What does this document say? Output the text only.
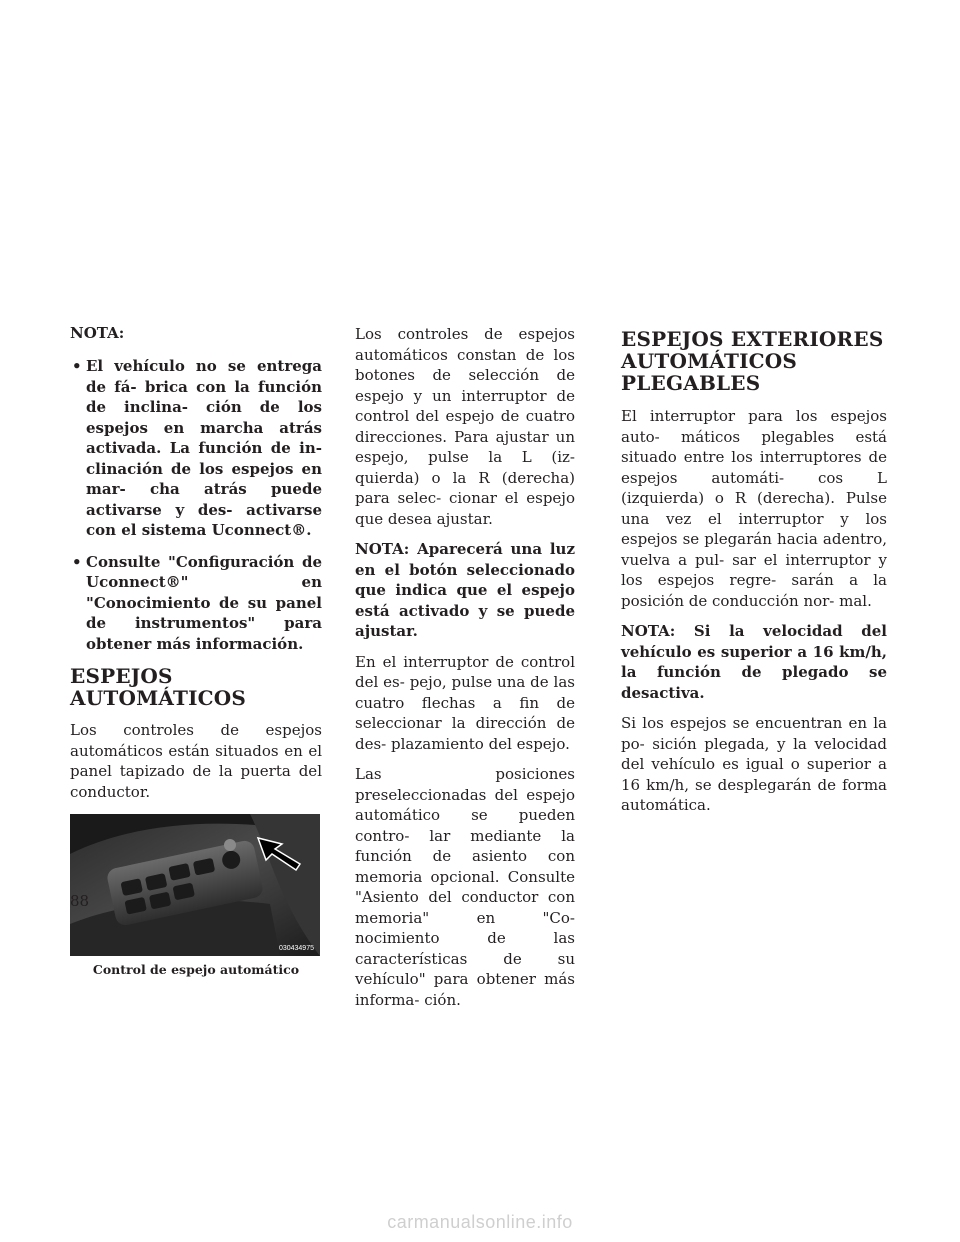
NOTA:
• El vehículo no se entrega de fá- brica con la función de inclina- ción de los espejos en marcha atrás activada. La función de in- clinación de los espejos en mar- cha atrás puede activarse y des- activarse con el sistema Uconnect®.
• Consulte "Configuración de Uconnect®" en "Conocimiento de su panel de instrumentos" para obtener más información.
ESPEJOS AUTOMÁTICOS

Los controles de espejos automáticos están situados en el panel tapizado de la puerta del conductor.

030434975
Control de espejo automático

Los controles de espejos automáticos constan de los botones de selección de espejo y un interruptor de control del espejo de cuatro direcciones. Para ajustar un espejo, pulse la L (iz- quierda) o la R (derecha) para selec- cionar el espejo que desea ajustar.

NOTA: Aparecerá una luz en el botón seleccionado que indica que el espejo está activado y se puede ajustar.

En el interruptor de control del es- pejo, pulse una de las cuatro flechas a fin de seleccionar la dirección de des- plazamiento del espejo.

Las posiciones preseleccionadas del espejo automático se pueden contro- lar mediante la función de asiento con memoria opcional. Consulte "Asiento del conductor con memoria" en "Co- nocimiento de las características de su vehículo" para obtener más informa- ción.

ESPEJOS EXTERIORES
AUTOMÁTICOS
PLEGABLES

El interruptor para los espejos auto- máticos plegables está situado entre los interruptores de espejos automáti- cos L (izquierda) o R (derecha). Pulse una vez el interruptor y los espejos se plegarán hacia adentro, vuelva a pul- sar el interruptor y los espejos regre- sarán a la posición de conducción nor- mal.

NOTA: Si la velocidad del vehículo es superior a 16 km/h, la función de plegado se desactiva.

Si los espejos se encuentran en la po- sición plegada, y la velocidad del vehículo es igual o superior a 16 km/h, se desplegarán de forma automática.

88
carmanualsonline.info
